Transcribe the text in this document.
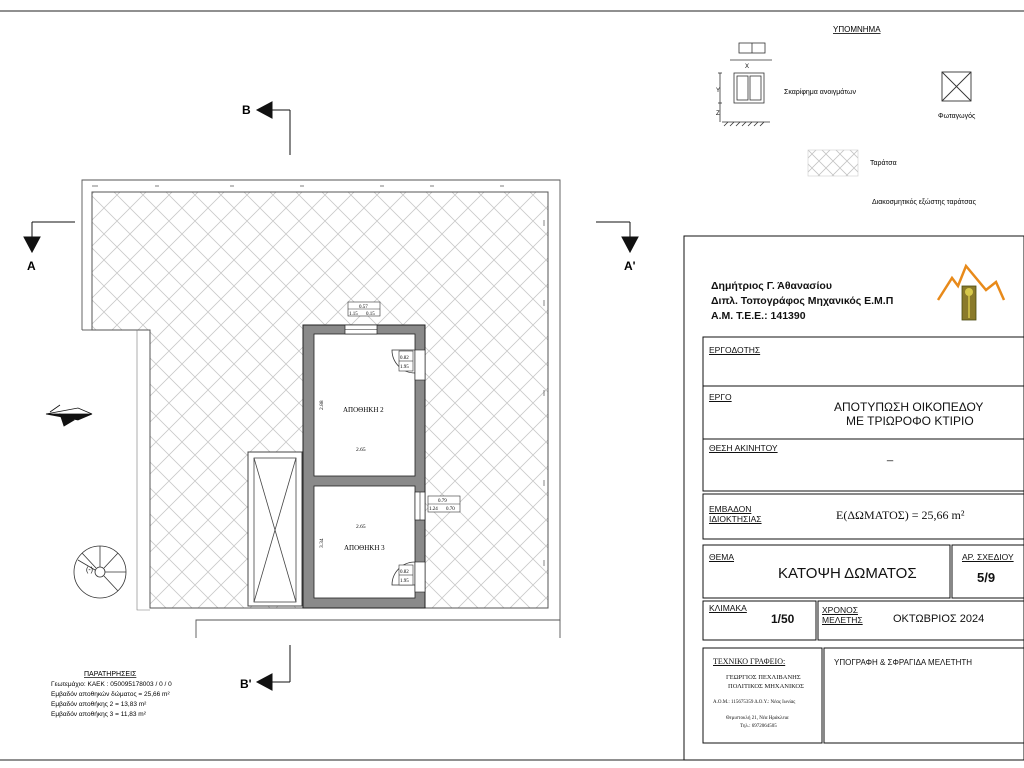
ΥΠΟΜΝΗΜΑ
X
Y
Z
Σκαρίφημα ανοιγμάτων
Φωταγωγός
Ταράτσα
Διακοσμητικός εξώστης ταράτσας
B
A	A'
B'
0.57
1.15 0.15
0.82
1.95
0.82
1.95
0.79
1.24 0.70
ΑΠΟΘΗΚΗ 2
2.65
2.88
ΑΠΟΘΗΚΗ 3
2.65
3.34
(-)
ΠΑΡΑΤΗΡΗΣΕΙΣ
Γεωτεμάχιο: ΚΑΕΚ : 050095178003 / 0 / 0
Εμβαδόν αποθηκών δώματος = 25,66 m²
Εμβαδόν αποθήκης 2 = 13,83 m²
Εμβαδόν αποθήκης 3 = 11,83 m²
Δημήτριος Γ. Άθανασίου
Διπλ. Τοπογράφος Μηχανικός Ε.Μ.Π
Α.Μ. Τ.Ε.Ε.: 141390
ΕΡΓΟΔΟΤΗΣ
ΕΡΓΟ
ΑΠΟΤΥΠΩΣΗ ΟΙΚΟΠΕΔΟΥ
ΜΕ ΤΡΙΩΡΟΦΟ ΚΤΙΡΙΟ
ΘΕΣΗ ΑΚΙΝΗΤΟΥ
_
ΕΜΒΑΔΟΝ
ΙΔΙΟΚΤΗΣΙΑΣ	Ε(ΔΩΜΑΤΟΣ) = 25,66 m²
ΘΕΜΑ
ΚΑΤΟΨΗ ΔΩΜΑΤΟΣ
ΑΡ. ΣΧΕΔΙΟΥ
5/9
ΚΛΙΜΑΚΑ
1/50
ΧΡΟΝΟΣ
ΜΕΛΕΤΗΣ	ΟΚΤΩΒΡΙΟΣ 2024
ΤΕΧΝΙΚΟ ΓΡΑΦΕΙΟ:
ΓΕΩΡΓΙΟΣ ΠΕΧΛΙΒΑΝΗΣ
ΠΟΛΙΤΙΚΟΣ ΜΗΧΑΝΙΚΟΣ
Α.Ο.Μ.: 115675359 Δ.Ο.Υ.: Νέας Ιωνίας
Θεμιστοκλή 21, Νέα Ηράκλεια
Τηλ.: 6972064505
ΥΠΟΓΡΑΦΗ & ΣΦΡΑΓΙΔΑ ΜΕΛΕΤΗΤΗ
